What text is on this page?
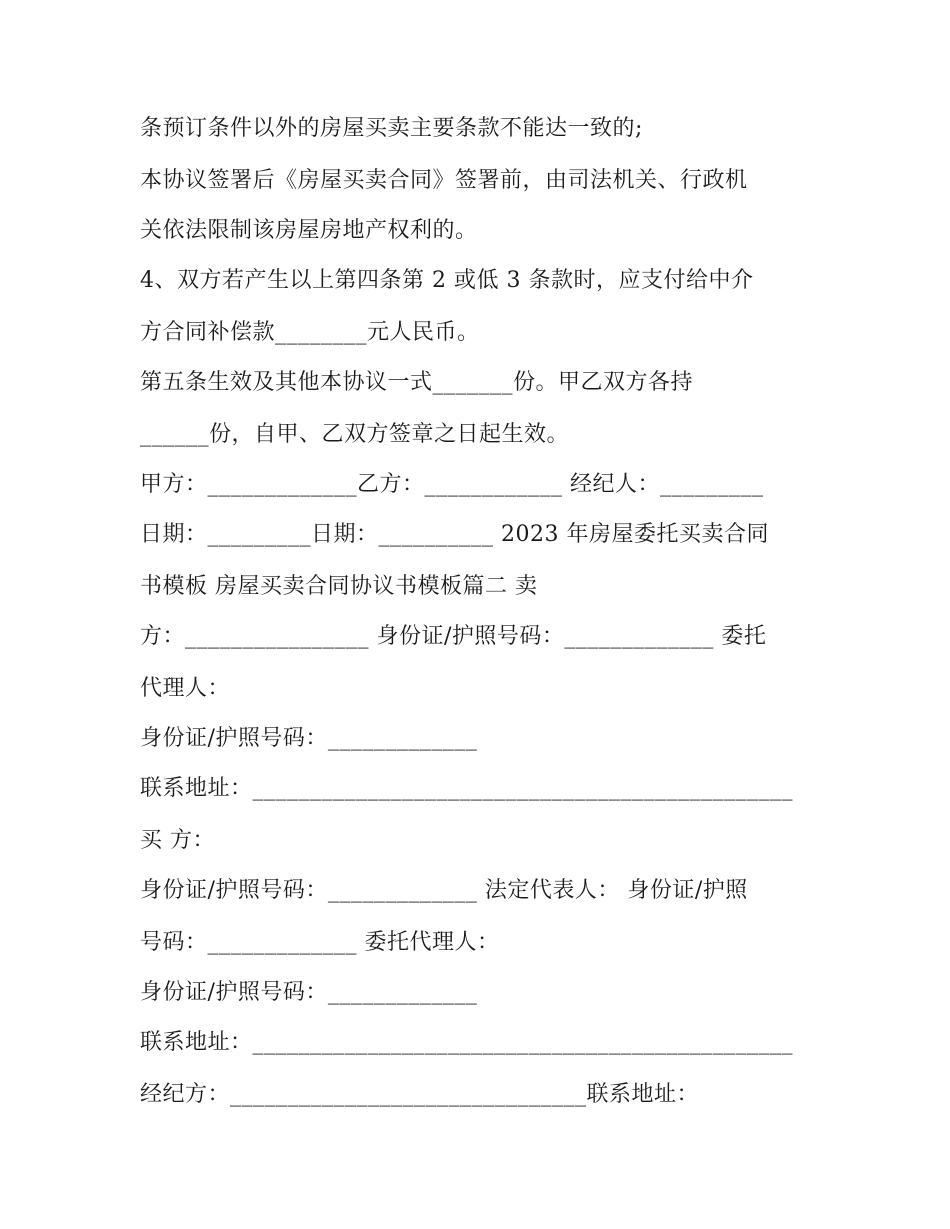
条预订条件以外的房屋买卖主要条款不能达一致的;
本协议签署后《房屋买卖合同》签署前，由司法机关、行政机
关依法限制该房屋房地产权利的。
4、双方若产生以上第四条第 2 或低 3 条款时，应支付给中介
方合同补偿款________元人民币。
第五条生效及其他本协议一式_______份。甲乙双方各持
______份，自甲、乙双方签章之日起生效。
甲方：_____________乙方：____________ 经纪人：_________
日期：_________日期：__________ 2023 年房屋委托买卖合同
书模板 房屋买卖合同协议书模板篇二 卖
方：________________ 身份证/护照号码：_____________ 委托
代理人：
身份证/护照号码：_____________
联系地址：_______________________________________________
买 方：
身份证/护照号码：_____________ 法定代表人： 身份证/护照
号码：_____________ 委托代理人：
身份证/护照号码：_____________
联系地址：_______________________________________________
经纪方：_______________________________联系地址：
